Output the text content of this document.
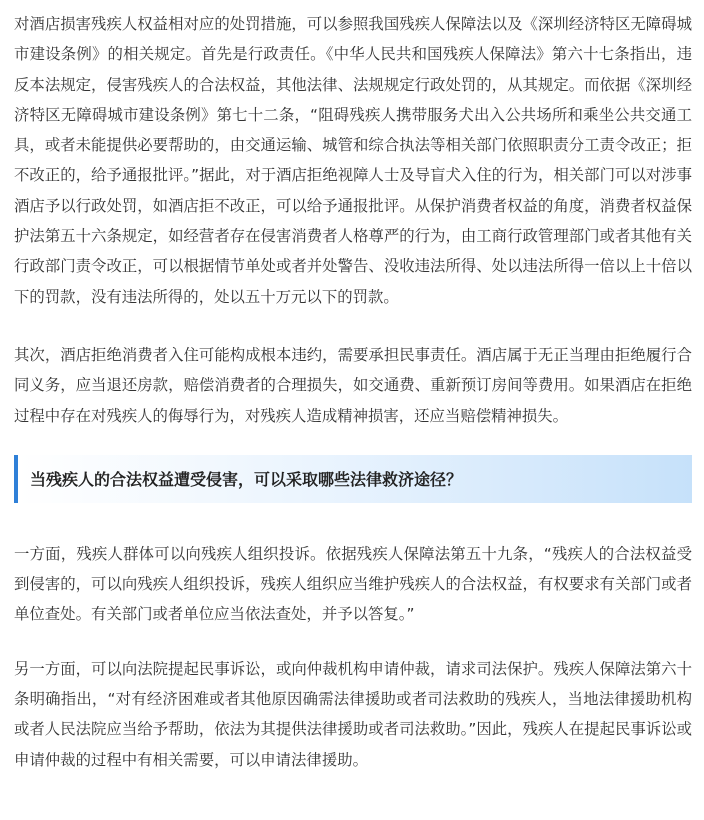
对酒店损害残疾人权益相对应的处罚措施，可以参照我国残疾人保障法以及《深圳经济特区无障碍城市建设条例》的相关规定。首先是行政责任。《中华人民共和国残疾人保障法》第六十七条指出，违反本法规定，侵害残疾人的合法权益，其他法律、法规规定行政处罚的，从其规定。而依据《深圳经济特区无障碍城市建设条例》第七十二条，“阻碍残疾人携带服务犬出入公共场所和乘坐公共交通工具，或者未能提供必要帮助的，由交通运输、城管和综合执法等相关部门依照职责分工责令改正；拒不改正的，给予通报批评。”据此，对于酒店拒绝视障人士及导盲犬入住的行为，相关部门可以对涉事酒店予以行政处罚，如酒店拒不改正，可以给予通报批评。从保护消费者权益的角度，消费者权益保护法第五十六条规定，如经营者存在侵害消费者人格尊严的行为，由工商行政管理部门或者其他有关行政部门责令改正，可以根据情节单处或者并处警告、没收违法所得、处以违法所得一倍以上十倍以下的罚款，没有违法所得的，处以五十万元以下的罚款。

其次，酒店拒绝消费者入住可能构成根本违约，需要承担民事责任。酒店属于无正当理由拒绝履行合同义务，应当退还房款，赔偿消费者的合理损失，如交通费、重新预订房间等费用。如果酒店在拒绝过程中存在对残疾人的侮辱行为，对残疾人造成精神损害，还应当赔偿精神损失。

当残疾人的合法权益遭受侵害，可以采取哪些法律救济途径？

一方面，残疾人群体可以向残疾人组织投诉。依据残疾人保障法第五十九条，“残疾人的合法权益受到侵害的，可以向残疾人组织投诉，残疾人组织应当维护残疾人的合法权益，有权要求有关部门或者单位查处。有关部门或者单位应当依法查处，并予以答复。”

另一方面，可以向法院提起民事诉讼，或向仲裁机构申请仲裁，请求司法保护。残疾人保障法第六十条明确指出，“对有经济困难或者其他原因确需法律援助或者司法救助的残疾人，当地法律援助机构或者人民法院应当给予帮助，依法为其提供法律援助或者司法救助。”因此，残疾人在提起民事诉讼或申请仲裁的过程中有相关需要，可以申请法律援助。
